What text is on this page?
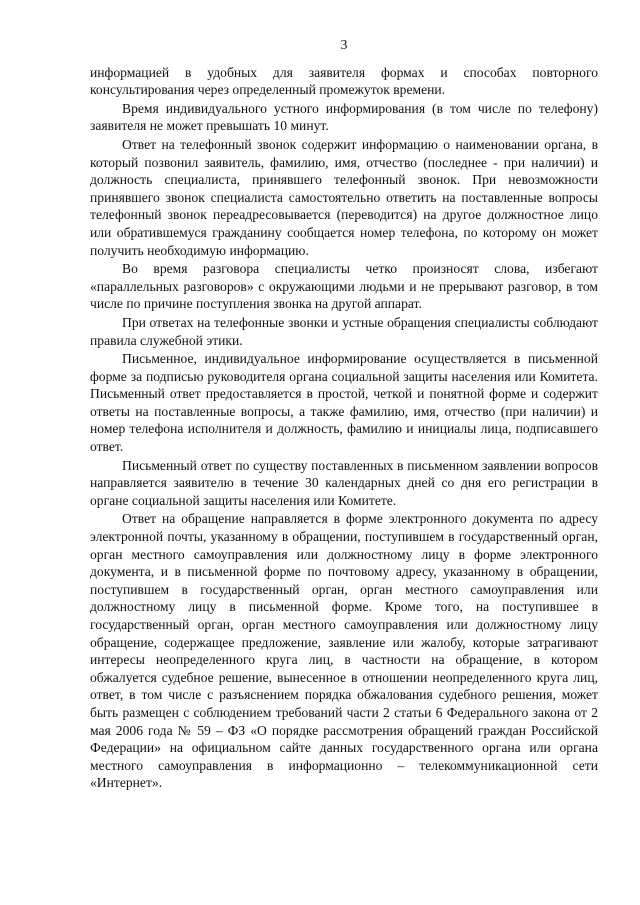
3

информацией в удобных для заявителя формах и способах повторного консультирования через определенный промежуток времени.

Время индивидуального устного информирования (в том числе по телефону) заявителя не может превышать 10 минут.

Ответ на телефонный звонок содержит информацию о наименовании органа, в который позвонил заявитель, фамилию, имя, отчество (последнее - при наличии) и должность специалиста, принявшего телефонный звонок. При невозможности принявшего звонок специалиста самостоятельно ответить на поставленные вопросы телефонный звонок переадресовывается (переводится) на другое должностное лицо или обратившемуся гражданину сообщается номер телефона, по которому он может получить необходимую информацию.

Во время разговора специалисты четко произносят слова, избегают «параллельных разговоров» с окружающими людьми и не прерывают разговор, в том числе по причине поступления звонка на другой аппарат.

При ответах на телефонные звонки и устные обращения специалисты соблюдают правила служебной этики.

Письменное, индивидуальное информирование осуществляется в письменной форме за подписью руководителя органа социальной защиты населения или Комитета. Письменный ответ предоставляется в простой, четкой и понятной форме и содержит ответы на поставленные вопросы, а также фамилию, имя, отчество (при наличии) и номер телефона исполнителя и должность, фамилию и инициалы лица, подписавшего ответ.

Письменный ответ по существу поставленных в письменном заявлении вопросов направляется заявителю в течение 30 календарных дней со дня его регистрации в органе социальной защиты населения или Комитете.

Ответ на обращение направляется в форме электронного документа по адресу электронной почты, указанному в обращении, поступившем в государственный орган, орган местного самоуправления или должностному лицу в форме электронного документа, и в письменной форме по почтовому адресу, указанному в обращении, поступившем в государственный орган, орган местного самоуправления или должностному лицу в письменной форме. Кроме того, на поступившее в государственный орган, орган местного самоуправления или должностному лицу обращение, содержащее предложение, заявление или жалобу, которые затрагивают интересы неопределенного круга лиц, в частности на обращение, в котором обжалуется судебное решение, вынесенное в отношении неопределенного круга лиц, ответ, в том числе с разъяснением порядка обжалования судебного решения, может быть размещен с соблюдением требований части 2 статьи 6 Федерального закона от 2 мая 2006 года № 59 – ФЗ «О порядке рассмотрения обращений граждан Российской Федерации» на официальном сайте данных государственного органа или органа местного самоуправления в информационно – телекоммуникационной сети «Интернет».
